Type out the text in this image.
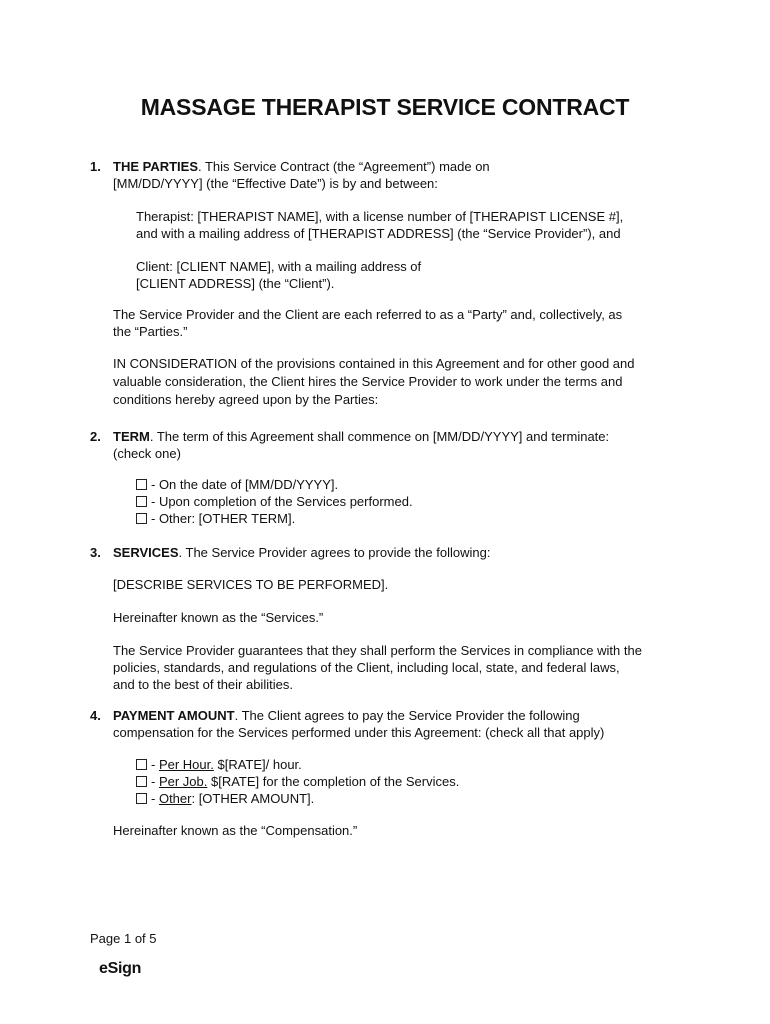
MASSAGE THERAPIST SERVICE CONTRACT
1. THE PARTIES. This Service Contract (the “Agreement”) made on

[MM/DD/YYYY] (the “Effective Date”) is by and between:

Therapist: [THERAPIST NAME], with a license number of [THERAPIST LICENSE #],

and with a mailing address of [THERAPIST ADDRESS] (the “Service Provider”), and

Client: [CLIENT NAME], with a mailing address of

[CLIENT ADDRESS] (the “Client”).

The Service Provider and the Client are each referred to as a “Party” and, collectively, as

the “Parties.”

IN CONSIDERATION of the provisions contained in this Agreement and for other good and

valuable consideration, the Client hires the Service Provider to work under the terms and

conditions hereby agreed upon by the Parties:

2. TERM. The term of this Agreement shall commence on [MM/DD/YYYY] and terminate:

(check one)

- On the date of [MM/DD/YYYY].

- Upon completion of the Services performed.

- Other: [OTHER TERM].

3. SERVICES. The Service Provider agrees to provide the following:

[DESCRIBE SERVICES TO BE PERFORMED].

Hereinafter known as the “Services.”

The Service Provider guarantees that they shall perform the Services in compliance with the

policies, standards, and regulations of the Client, including local, state, and federal laws,

and to the best of their abilities.

4. PAYMENT AMOUNT. The Client agrees to pay the Service Provider the following

compensation for the Services performed under this Agreement: (check all that apply)

- Per Hour. $[RATE]/ hour.

- Per Job. $[RATE] for the completion of the Services.

- Other: [OTHER AMOUNT].

Hereinafter known as the “Compensation.”

Page 1 of 5
eSign
